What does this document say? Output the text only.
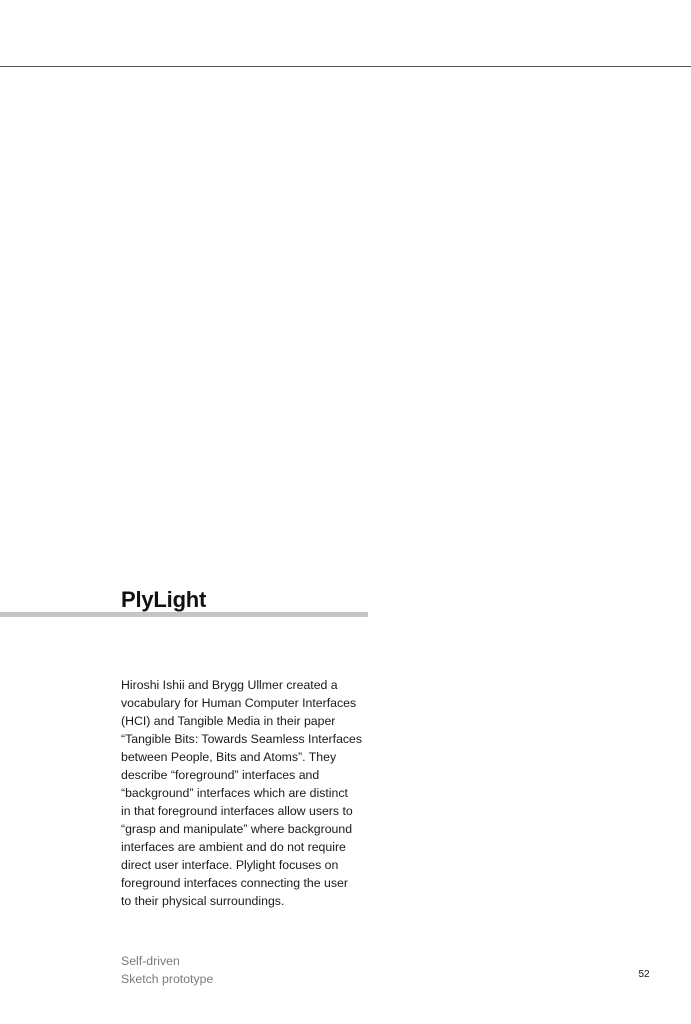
PlyLight

Hiroshi Ishii and Brygg Ullmer created a
vocabulary for Human Computer Interfaces
(HCI) and Tangible Media in their paper
“Tangible Bits: Towards Seamless Interfaces
between People, Bits and Atoms”. They
describe “foreground” interfaces and
“background” interfaces which are distinct
in that foreground interfaces allow users to
“grasp and manipulate” where background
interfaces are ambient and do not require
direct user interface. Plylight focuses on
foreground interfaces connecting the user
to their physical surroundings.

Self-driven
Sketch prototype	52
